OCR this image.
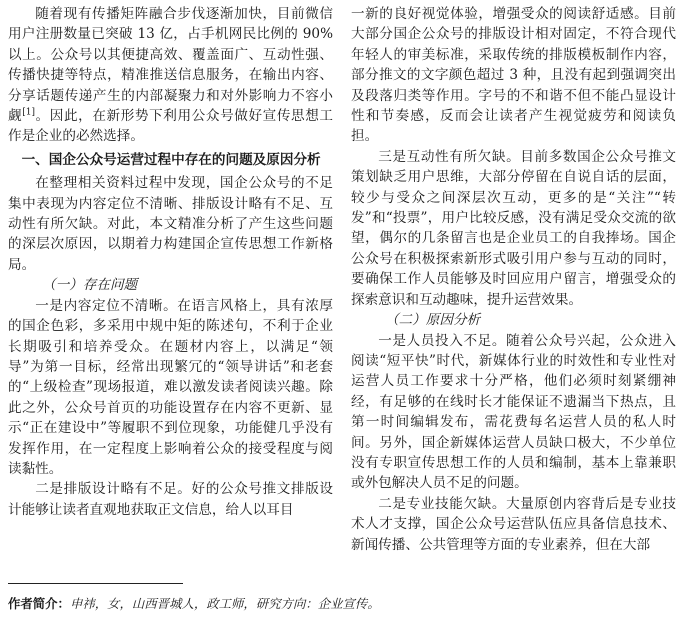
随着现有传播矩阵融合步伐逐渐加快，目前微信用户注册数量已突破 13 亿，占手机网民比例的 90% 以上。公众号以其便捷高效、覆盖面广、互动性强、传播快捷等特点，精准推送信息服务，在输出内容、分享话题传递产生的内部凝聚力和对外影响力不容小觑[1]。因此，在新形势下利用公众号做好宣传思想工作是企业的必然选择。

一、国企公众号运营过程中存在的问题及原因分析

在整理相关资料过程中发现，国企公众号的不足集中表现为内容定位不清晰、排版设计略有不足、互动性有所欠缺。对此，本文精准分析了产生这些问题的深层次原因，以期着力构建国企宣传思想工作新格局。

（一）存在问题

一是内容定位不清晰。在语言风格上，具有浓厚的国企色彩，多采用中规中矩的陈述句，不利于企业长期吸引和培养受众。在题材内容上，以满足“领导”为第一目标，经常出现繁冗的“领导讲话”和老套的“上级检查”现场报道，难以激发读者阅读兴趣。除此之外，公众号首页的功能设置存在内容不更新、显示“正在建设中”等履职不到位现象，功能健几乎没有发挥作用，在一定程度上影响着公众的接受程度与阅读黏性。

二是排版设计略有不足。好的公众号推文排版设计能够让读者直观地获取正文信息，给人以耳目

一新的良好视觉体验，增强受众的阅读舒适感。目前大部分国企公众号的排版设计相对固定，不符合现代年轻人的审美标准，采取传统的排版模板制作内容，部分推文的文字颜色超过 3 种，且没有起到强调突出及段落归类等作用。字号的不和谐不但不能凸显设计性和节奏感，反而会让读者产生视觉疲劳和阅读负担。

三是互动性有所欠缺。目前多数国企公众号推文策划缺乏用户思维，大部分停留在自说自话的层面，较少与受众之间深层次互动，更多的是“关注”“转发”和“投票”，用户比较反感，没有满足受众交流的欲望，偶尔的几条留言也是企业员工的自我捧场。国企公众号在积极探索新形式吸引用户参与互动的同时，要确保工作人员能够及时回应用户留言，增强受众的探索意识和互动趣味，提升运营效果。

（二）原因分析

一是人员投入不足。随着公众号兴起，公众进入阅读“短平快”时代，新媒体行业的时效性和专业性对运营人员工作要求十分严格，他们必须时刻紧绷神经，有足够的在线时长才能保证不遗漏当下热点，且第一时间编辑发布，需花费每名运营人员的私人时间。另外，国企新媒体运营人员缺口极大，不少单位没有专职宣传思想工作的人员和编制，基本上靠兼职或外包解决人员不足的问题。

二是专业技能欠缺。大量原创内容背后是专业技术人才支撑，国企公众号运营队伍应具备信息技术、新闻传播、公共管理等方面的专业素养，但在大部

作者简介：申祎，女，山西晋城人，政工师，研究方向：企业宣传。
